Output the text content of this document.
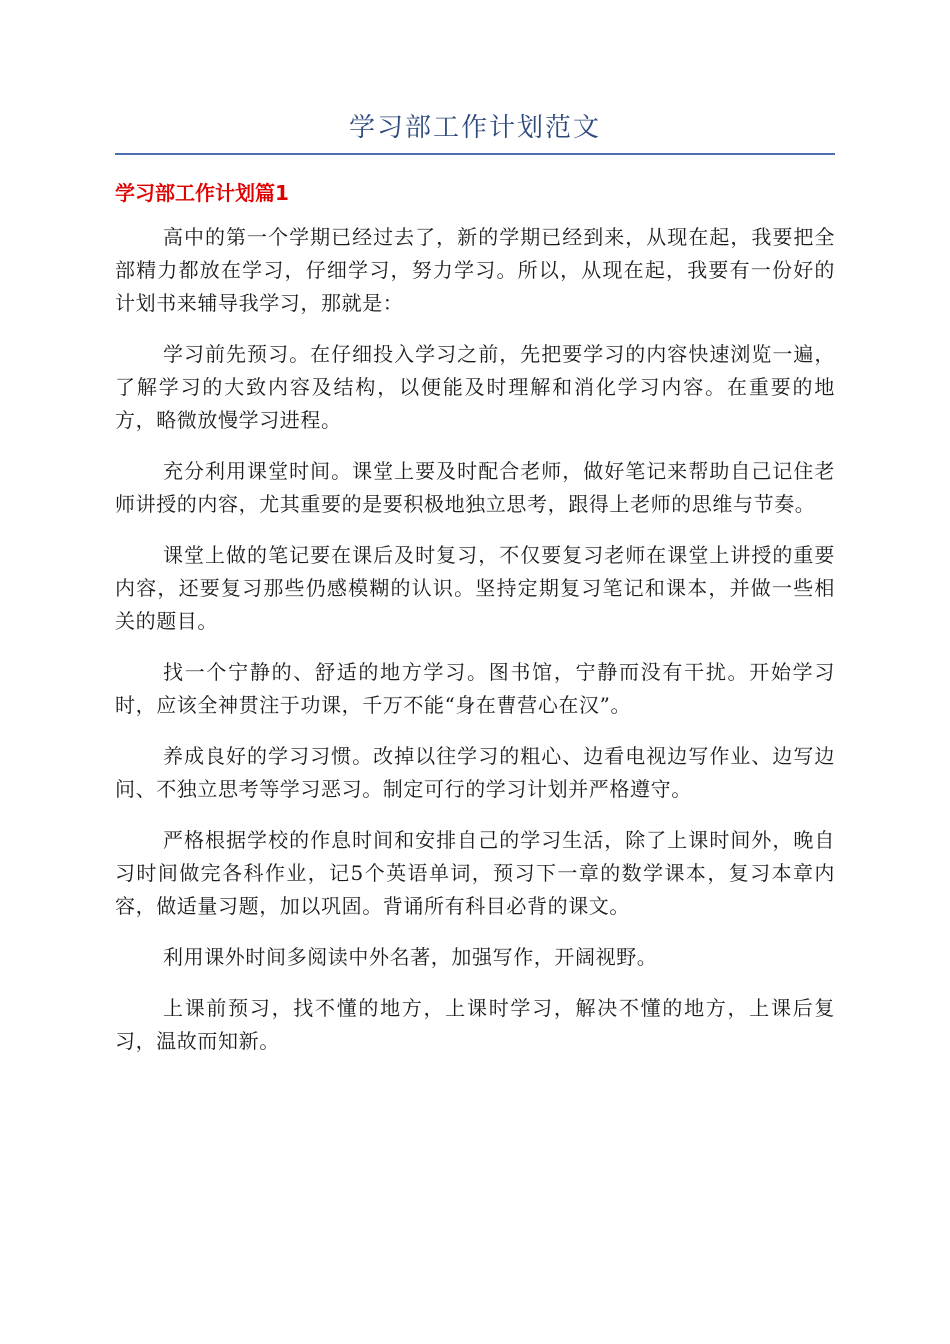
学习部工作计划范文
学习部工作计划篇1

高中的第一个学期已经过去了，新的学期已经到来，从现在起，我要把全部精力都放在学习，仔细学习，努力学习。所以，从现在起，我要有一份好的计划书来辅导我学习，那就是：

学习前先预习。在仔细投入学习之前，先把要学习的内容快速浏览一遍，了解学习的大致内容及结构，以便能及时理解和消化学习内容。在重要的地方，略微放慢学习进程。

充分利用课堂时间。课堂上要及时配合老师，做好笔记来帮助自己记住老师讲授的内容，尤其重要的是要积极地独立思考，跟得上老师的思维与节奏。

课堂上做的笔记要在课后及时复习，不仅要复习老师在课堂上讲授的重要内容，还要复习那些仍感模糊的认识。坚持定期复习笔记和课本，并做一些相关的题目。

找一个宁静的、舒适的地方学习。图书馆，宁静而没有干扰。开始学习时，应该全神贯注于功课，千万不能“身在曹营心在汉”。

养成良好的学习习惯。改掉以往学习的粗心、边看电视边写作业、边写边问、不独立思考等学习恶习。制定可行的学习计划并严格遵守。

严格根据学校的作息时间和安排自己的学习生活，除了上课时间外，晚自习时间做完各科作业，记5个英语单词，预习下一章的数学课本，复习本章内容，做适量习题，加以巩固。背诵所有科目必背的课文。

利用课外时间多阅读中外名著，加强写作，开阔视野。

上课前预习，找不懂的地方，上课时学习，解决不懂的地方，上课后复习，温故而知新。
